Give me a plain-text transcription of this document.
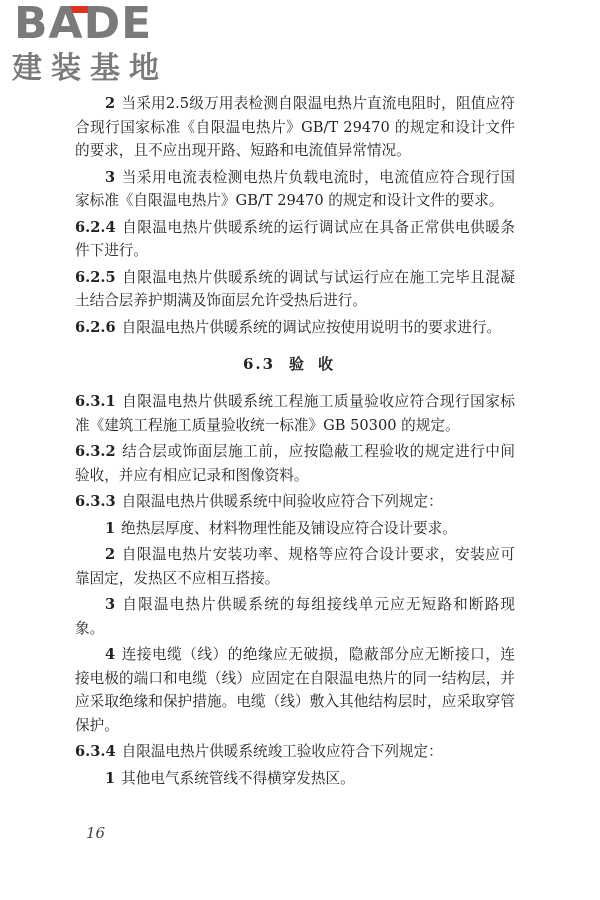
BADE
建装基地

2 当采用2.5级万用表检测自限温电热片直流电阻时，阻值应符合现行国家标准《自限温电热片》GB/T 29470 的规定和设计文件的要求，且不应出现开路、短路和电流值异常情况。

3 当采用电流表检测电热片负载电流时，电流值应符合现行国家标准《自限温电热片》GB/T 29470 的规定和设计文件的要求。

6.2.4 自限温电热片供暖系统的运行调试应在具备正常供电供暖条件下进行。

6.2.5 自限温电热片供暖系统的调试与试运行应在施工完毕且混凝土结合层养护期满及饰面层允许受热后进行。

6.2.6 自限温电热片供暖系统的调试应按使用说明书的要求进行。

6.3 验收

6.3.1 自限温电热片供暖系统工程施工质量验收应符合现行国家标准《建筑工程施工质量验收统一标准》GB 50300 的规定。

6.3.2 结合层或饰面层施工前，应按隐蔽工程验收的规定进行中间验收，并应有相应记录和图像资料。

6.3.3 自限温电热片供暖系统中间验收应符合下列规定：

1 绝热层厚度、材料物理性能及铺设应符合设计要求。

2 自限温电热片安装功率、规格等应符合设计要求，安装应可靠固定，发热区不应相互搭接。

3 自限温电热片供暖系统的每组接线单元应无短路和断路现象。

4 连接电缆（线）的绝缘应无破损，隐蔽部分应无断接口，连接电极的端口和电缆（线）应固定在自限温电热片的同一结构层，并应采取绝缘和保护措施。电缆（线）敷入其他结构层时，应采取穿管保护。

6.3.4 自限温电热片供暖系统竣工验收应符合下列规定：

1 其他电气系统管线不得横穿发热区。

16
